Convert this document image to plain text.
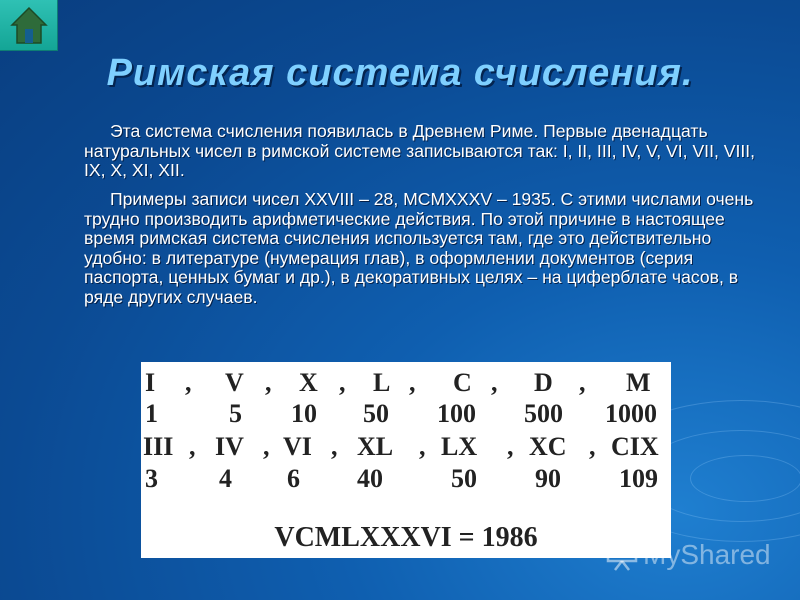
Римская система счисления.

Эта система счисления появилась в Древнем Риме. Первые двенадцать натуральных чисел в римской системе записываются так: I, II, III, IV, V, VI, VII, VIII, IX, X, XI, XII.

Примеры записи чисел XXVIII – 28, MCMXXXV – 1935. С этими числами очень трудно производить арифметические действия. По этой причине в настоящее время римская система счисления используется там, где это действительно удобно: в литературе (нумерация глав), в оформлении документов (серия паспорта, ценных бумаг и др.), в декоративных целях – на циферблате часов, в ряде других случаев.

I , V , X , L , C , D , M
1	5 10 50 100 500 1000
III , IV , VI , XL , LX , XC , CIX
3 4 6 40	50 90 109
VCMLXXXVI = 1986
MyShared
